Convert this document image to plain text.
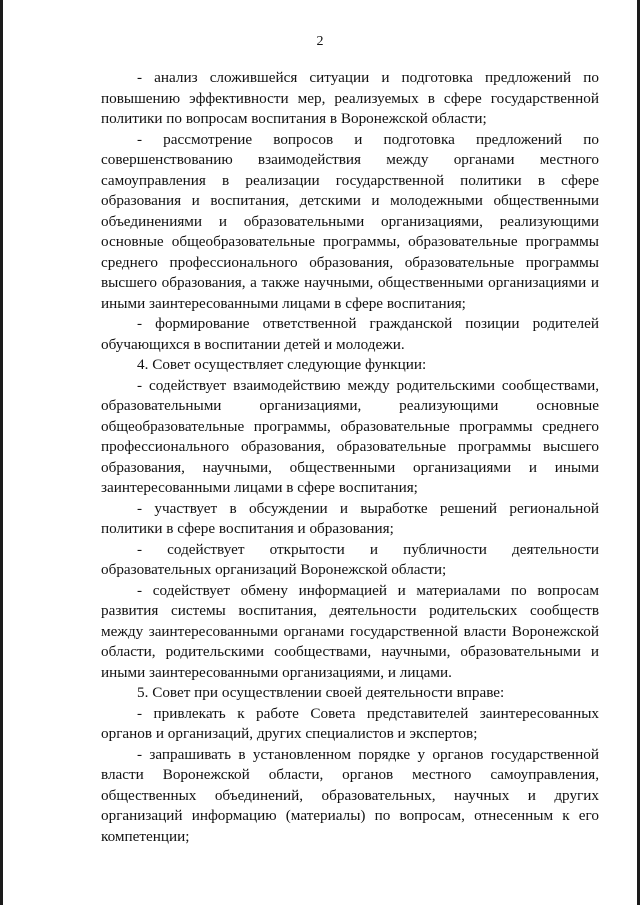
2

- анализ сложившейся ситуации и подготовка предложений по повышению эффективности мер, реализуемых в сфере государственной политики по вопросам воспитания в Воронежской области;

- рассмотрение вопросов и подготовка предложений по совершенствованию взаимодействия между органами местного самоуправления в реализации государственной политики в сфере образования и воспитания, детскими и молодежными общественными объединениями и образовательными организациями, реализующими основные общеобразовательные программы, образовательные программы среднего профессионального образования, образовательные программы высшего образования, а также научными, общественными организациями и иными заинтересованными лицами в сфере воспитания;

- формирование ответственной гражданской позиции родителей обучающихся в воспитании детей и молодежи.

4. Совет осуществляет следующие функции:

- содействует взаимодействию между родительскими сообществами, образовательными организациями, реализующими основные общеобразовательные программы, образовательные программы среднего профессионального образования, образовательные программы высшего образования, научными, общественными организациями и иными заинтересованными лицами в сфере воспитания;

- участвует в обсуждении и выработке решений региональной политики в сфере воспитания и образования;

- содействует открытости и публичности деятельности образовательных организаций Воронежской области;

- содействует обмену информацией и материалами по вопросам развития системы воспитания, деятельности родительских сообществ между заинтересованными органами государственной власти Воронежской области, родительскими сообществами, научными, образовательными и иными заинтересованными организациями, и лицами.

5. Совет при осуществлении своей деятельности вправе:

- привлекать к работе Совета представителей заинтересованных органов и организаций, других специалистов и экспертов;

- запрашивать в установленном порядке у органов государственной власти Воронежской области, органов местного самоуправления, общественных объединений, образовательных, научных и других организаций информацию (материалы) по вопросам, отнесенным к его компетенции;
